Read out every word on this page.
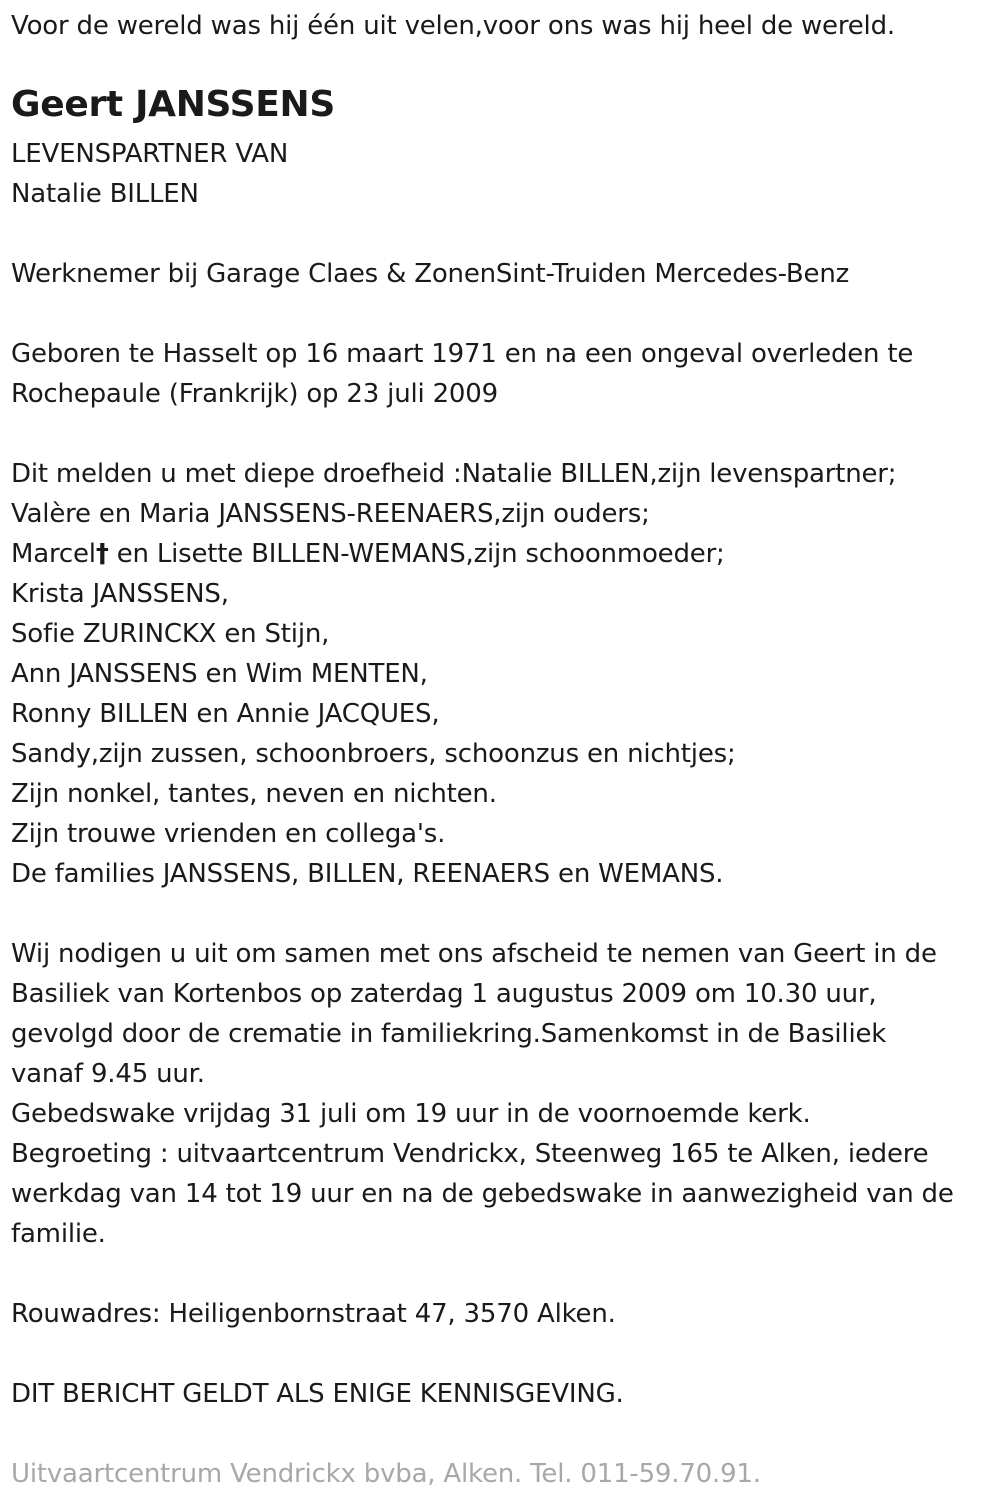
Voor de wereld was hij één uit velen,voor ons was hij heel de wereld.
Geert JANSSENS
LEVENSPARTNER VAN
Natalie BILLEN
Werknemer bij Garage Claes & ZonenSint-Truiden Mercedes-Benz
Geboren te Hasselt op 16 maart 1971 en na een ongeval overleden te
Rochepaule (Frankrijk) op 23 juli 2009
Dit melden u met diepe droefheid :Natalie BILLEN,zijn levenspartner;
Valère en Maria JANSSENS-REENAERS,zijn ouders;
Marcel† en Lisette BILLEN-WEMANS,zijn schoonmoeder;
Krista JANSSENS,
Sofie ZURINCKX en Stijn,
Ann JANSSENS en Wim MENTEN,
Ronny BILLEN en Annie JACQUES,
Sandy,zijn zussen, schoonbroers, schoonzus en nichtjes;
Zijn nonkel, tantes, neven en nichten.
Zijn trouwe vrienden en collega's.
De families JANSSENS, BILLEN, REENAERS en WEMANS.
Wij nodigen u uit om samen met ons afscheid te nemen van Geert in de
Basiliek van Kortenbos op zaterdag 1 augustus 2009 om 10.30 uur,
gevolgd door de crematie in familiekring.Samenkomst in de Basiliek
vanaf 9.45 uur.
Gebedswake vrijdag 31 juli om 19 uur in de voornoemde kerk.
Begroeting : uitvaartcentrum Vendrickx, Steenweg 165 te Alken, iedere
werkdag van 14 tot 19 uur en na de gebedswake in aanwezigheid van de
familie.
Rouwadres: Heiligenbornstraat 47, 3570 Alken.
DIT BERICHT GELDT ALS ENIGE KENNISGEVING.
Uitvaartcentrum Vendrickx bvba, Alken. Tel. 011-59.70.91.
